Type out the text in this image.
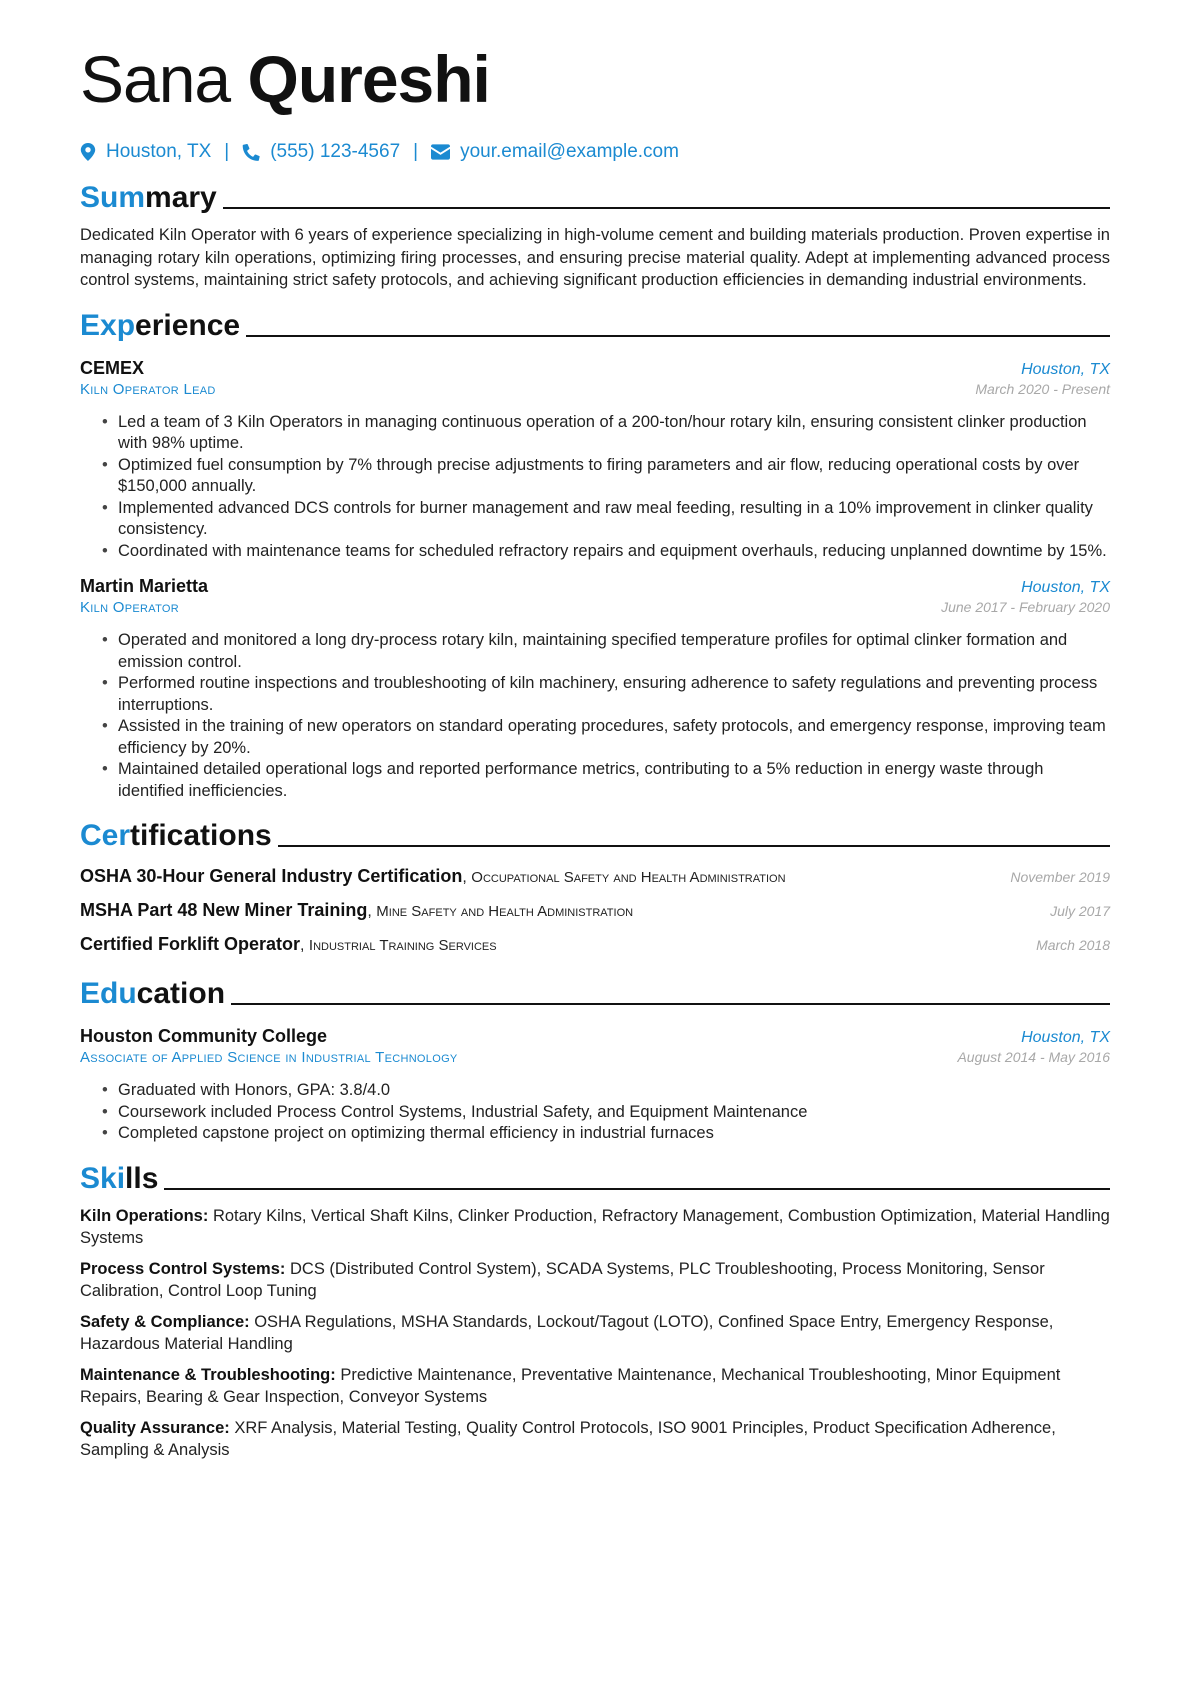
Sana Qureshi
Houston, TX | (555) 123-4567 | your.email@example.com
Summary
Dedicated Kiln Operator with 6 years of experience specializing in high-volume cement and building materials production. Proven expertise in managing rotary kiln operations, optimizing firing processes, and ensuring precise material quality. Adept at implementing advanced process control systems, maintaining strict safety protocols, and achieving significant production efficiencies in demanding industrial environments.
Experience
CEMEX	Houston, TX
Kiln Operator Lead	March 2020 - Present
• Led a team of 3 Kiln Operators in managing continuous operation of a 200-ton/hour rotary kiln, ensuring consistent clinker production with 98% uptime.
• Optimized fuel consumption by 7% through precise adjustments to firing parameters and air flow, reducing operational costs by over $150,000 annually.
• Implemented advanced DCS controls for burner management and raw meal feeding, resulting in a 10% improvement in clinker quality consistency.
• Coordinated with maintenance teams for scheduled refractory repairs and equipment overhauls, reducing unplanned downtime by 15%.
Martin Marietta	Houston, TX
Kiln Operator	June 2017 - February 2020
• Operated and monitored a long dry-process rotary kiln, maintaining specified temperature profiles for optimal clinker formation and emission control.
• Performed routine inspections and troubleshooting of kiln machinery, ensuring adherence to safety regulations and preventing process interruptions.
• Assisted in the training of new operators on standard operating procedures, safety protocols, and emergency response, improving team efficiency by 20%.
• Maintained detailed operational logs and reported performance metrics, contributing to a 5% reduction in energy waste through identified inefficiencies.
Certifications
OSHA 30-Hour General Industry Certification, Occupational Safety and Health Administration	November 2019
MSHA Part 48 New Miner Training, Mine Safety and Health Administration	July 2017
Certified Forklift Operator, Industrial Training Services	March 2018
Education
Houston Community College	Houston, TX
Associate of Applied Science in Industrial Technology	August 2014 - May 2016
• Graduated with Honors, GPA: 3.8/4.0
• Coursework included Process Control Systems, Industrial Safety, and Equipment Maintenance
• Completed capstone project on optimizing thermal efficiency in industrial furnaces
Skills
Kiln Operations: Rotary Kilns, Vertical Shaft Kilns, Clinker Production, Refractory Management, Combustion Optimization, Material Handling Systems
Process Control Systems: DCS (Distributed Control System), SCADA Systems, PLC Troubleshooting, Process Monitoring, Sensor Calibration, Control Loop Tuning
Safety & Compliance: OSHA Regulations, MSHA Standards, Lockout/Tagout (LOTO), Confined Space Entry, Emergency Response, Hazardous Material Handling
Maintenance & Troubleshooting: Predictive Maintenance, Preventative Maintenance, Mechanical Troubleshooting, Minor Equipment Repairs, Bearing & Gear Inspection, Conveyor Systems
Quality Assurance: XRF Analysis, Material Testing, Quality Control Protocols, ISO 9001 Principles, Product Specification Adherence, Sampling & Analysis
